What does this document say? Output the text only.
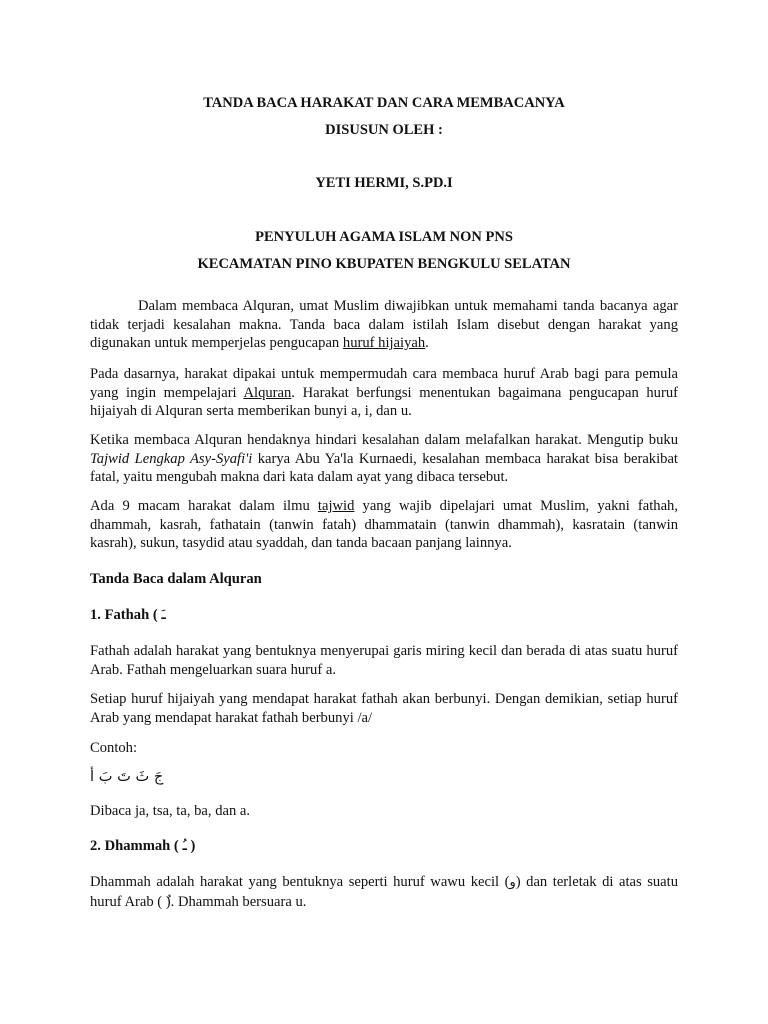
TANDA BACA HARAKAT DAN CARA MEMBACANYA
DISUSUN OLEH :
YETI HERMI, S.PD.I
PENYULUH AGAMA ISLAM NON PNS
KECAMATAN PINO KBUPATEN BENGKULU SELATAN
Dalam membaca Alquran, umat Muslim diwajibkan untuk memahami tanda bacanya agar tidak terjadi kesalahan makna. Tanda baca dalam istilah Islam disebut dengan harakat yang digunakan untuk memperjelas pengucapan huruf hijaiyah.
Pada dasarnya, harakat dipakai untuk mempermudah cara membaca huruf Arab bagi para pemula yang ingin mempelajari Alquran. Harakat berfungsi menentukan bagaimana pengucapan huruf hijaiyah di Alquran serta memberikan bunyi a, i, dan u.
Ketika membaca Alquran hendaknya hindari kesalahan dalam melafalkan harakat. Mengutip buku Tajwid Lengkap Asy-Syafi'i karya Abu Ya'la Kurnaedi, kesalahan membaca harakat bisa berakibat fatal, yaitu mengubah makna dari kata dalam ayat yang dibaca tersebut.
Ada 9 macam harakat dalam ilmu tajwid yang wajib dipelajari umat Muslim, yakni fathah, dhammah, kasrah, fathatain (tanwin fatah) dhammatain (tanwin dhammah), kasratain (tanwin kasrah), sukun, tasydid atau syaddah, dan tanda bacaan panjang lainnya.
Tanda Baca dalam Alquran
1. Fathah ( ـَ
Fathah adalah harakat yang bentuknya menyerupai garis miring kecil dan berada di atas suatu huruf Arab. Fathah mengeluarkan suara huruf a.
Setiap huruf hijaiyah yang mendapat harakat fathah akan berbunyi. Dengan demikian, setiap huruf Arab yang mendapat harakat fathah berbunyi /a/
Contoh:
جَ ثَ تَ بَ أ
Dibaca ja, tsa, ta, ba, dan a.
2. Dhammah ( ـُ )
Dhammah adalah harakat yang bentuknya seperti huruf wawu kecil (و) dan terletak di atas suatu huruf Arab ( ). Dhammah bersuara u.
